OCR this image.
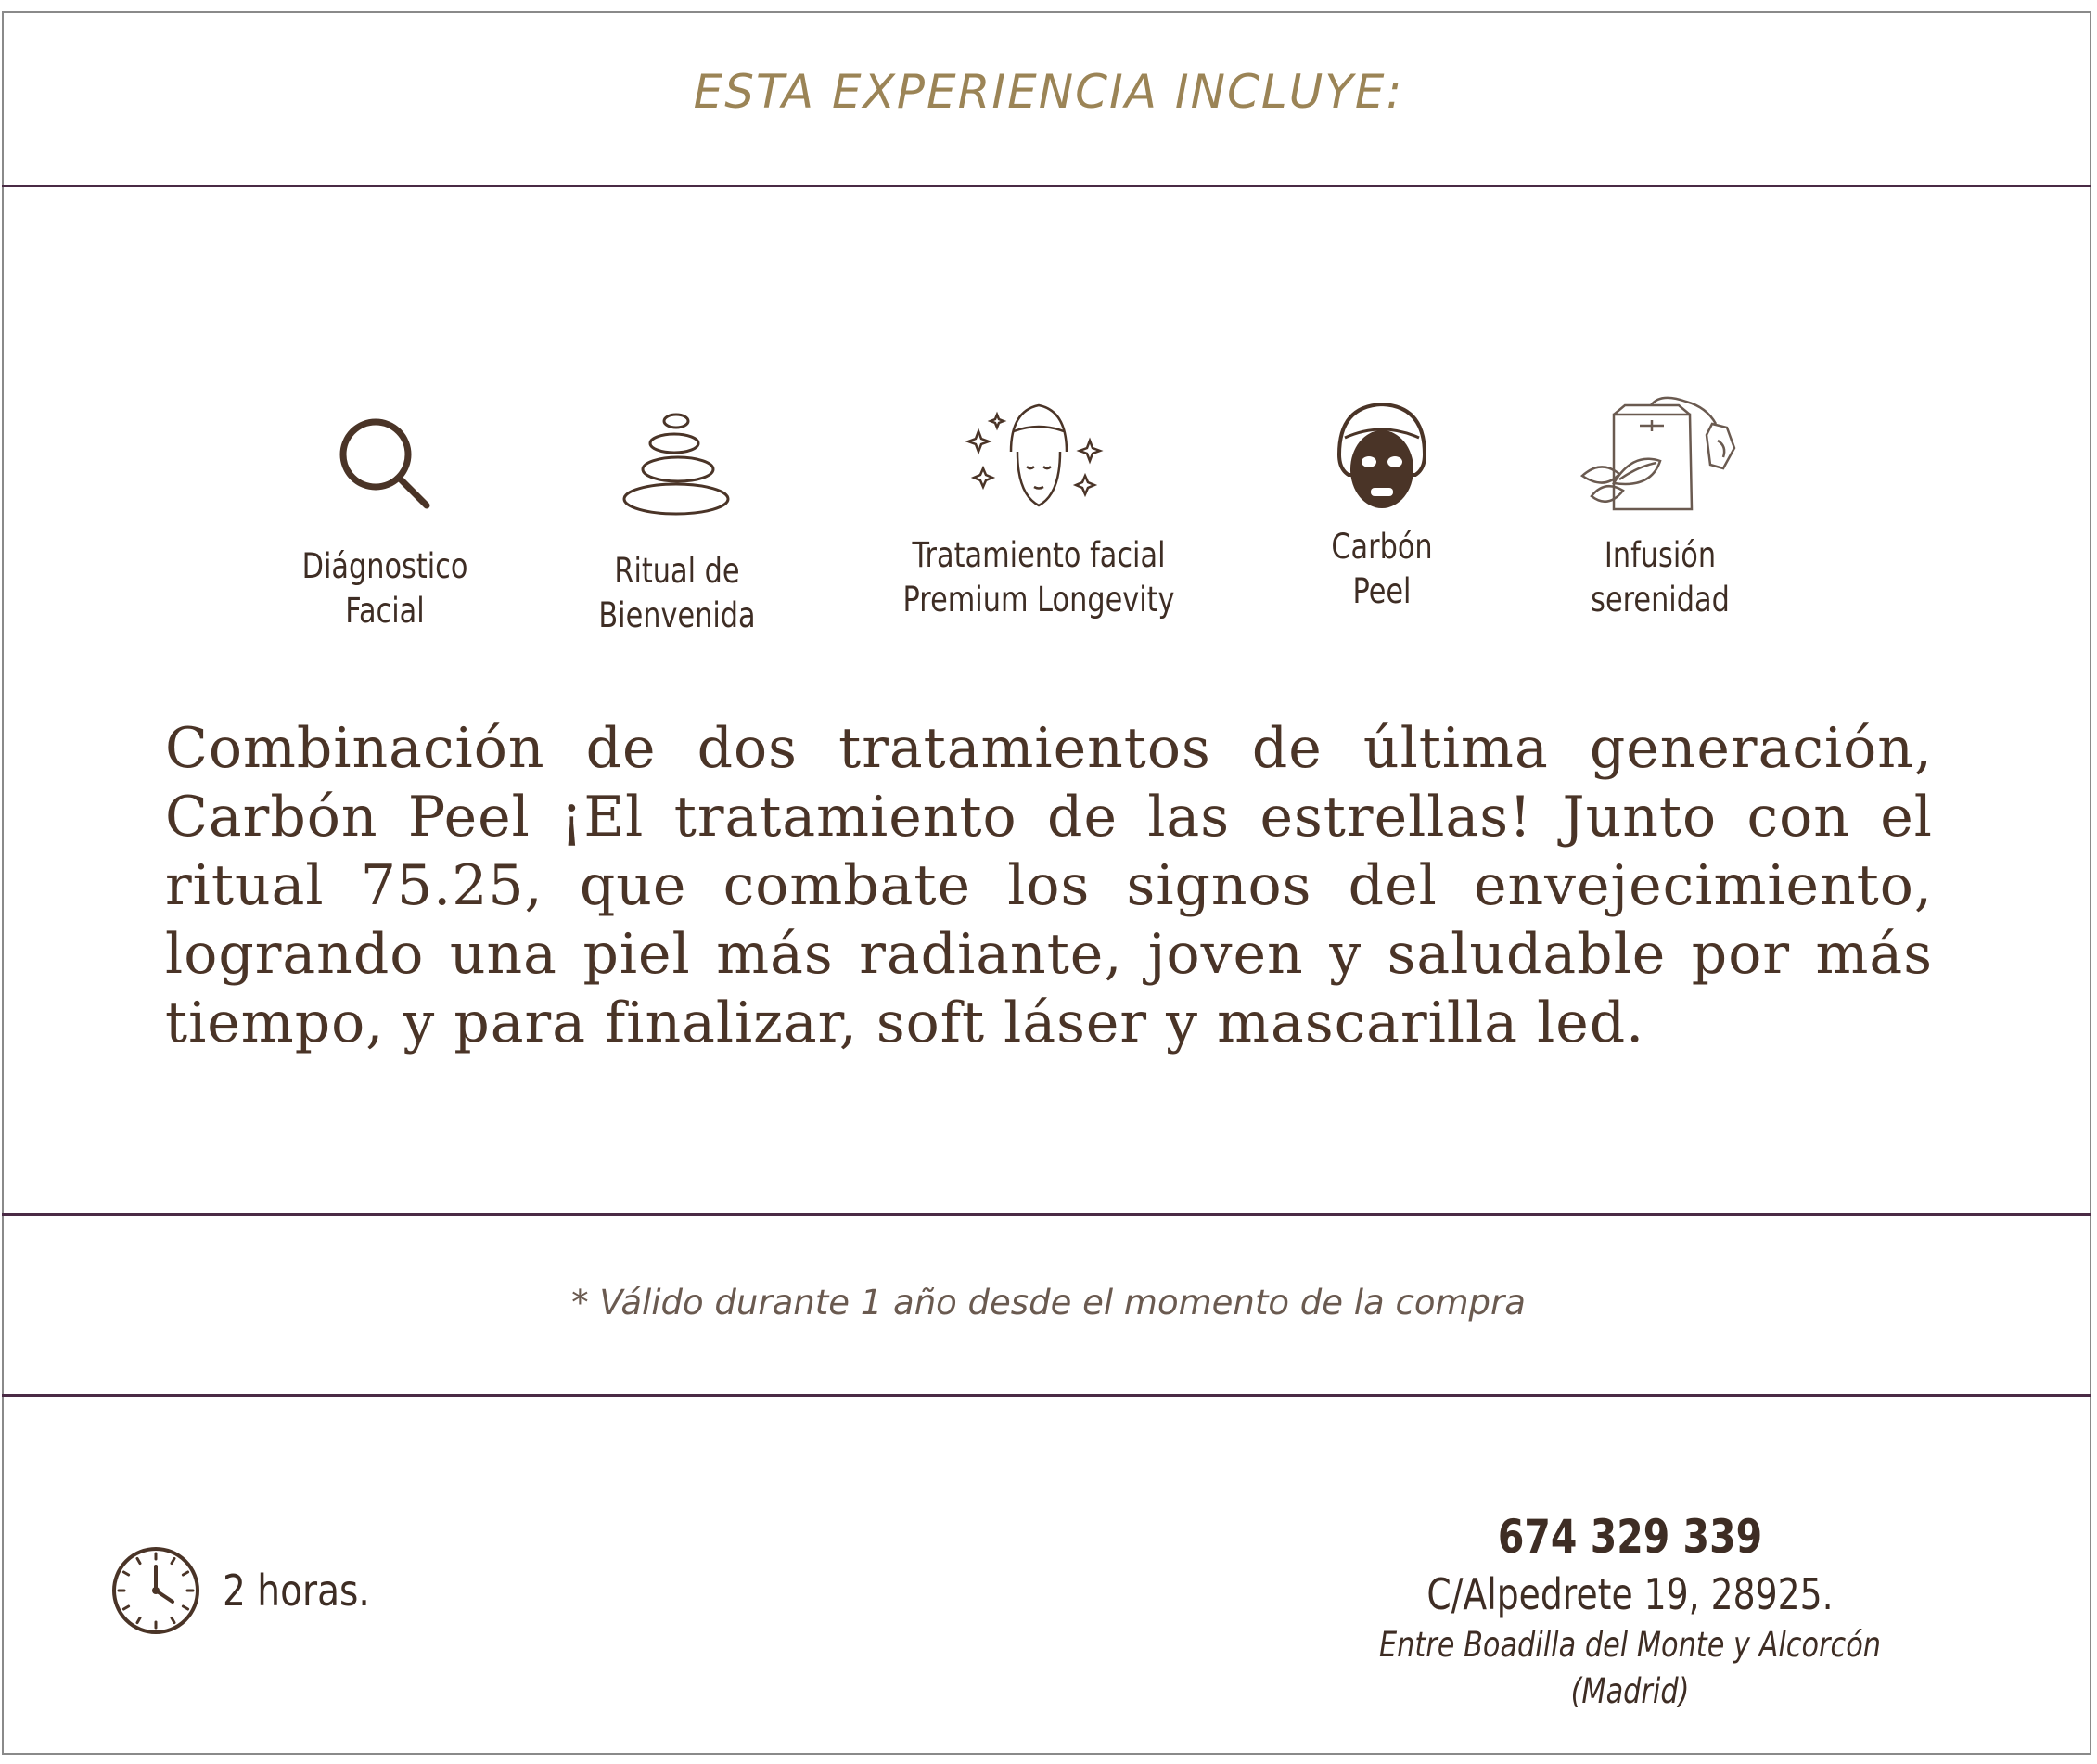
ESTA EXPERIENCIA INCLUYE:
Diágnostico
Facial
Ritual de
Bienvenida
Tratamiento facial
Premium Longevity
Carbón
Peel
Infusión
serenidad
Combinación de dos tratamientos de última generación, Carbón Peel ¡El tratamiento de las estrellas! Junto con el ritual 75.25, que combate los signos del envejecimiento, logrando una piel más radiante, joven y saludable por más tiempo, y para finalizar, soft láser y mascarilla led.
* Válido durante 1 año desde el momento de la compra
2 horas.
674 329 339
C/Alpedrete 19, 28925.
Entre Boadilla del Monte y Alcorcón (Madrid)
